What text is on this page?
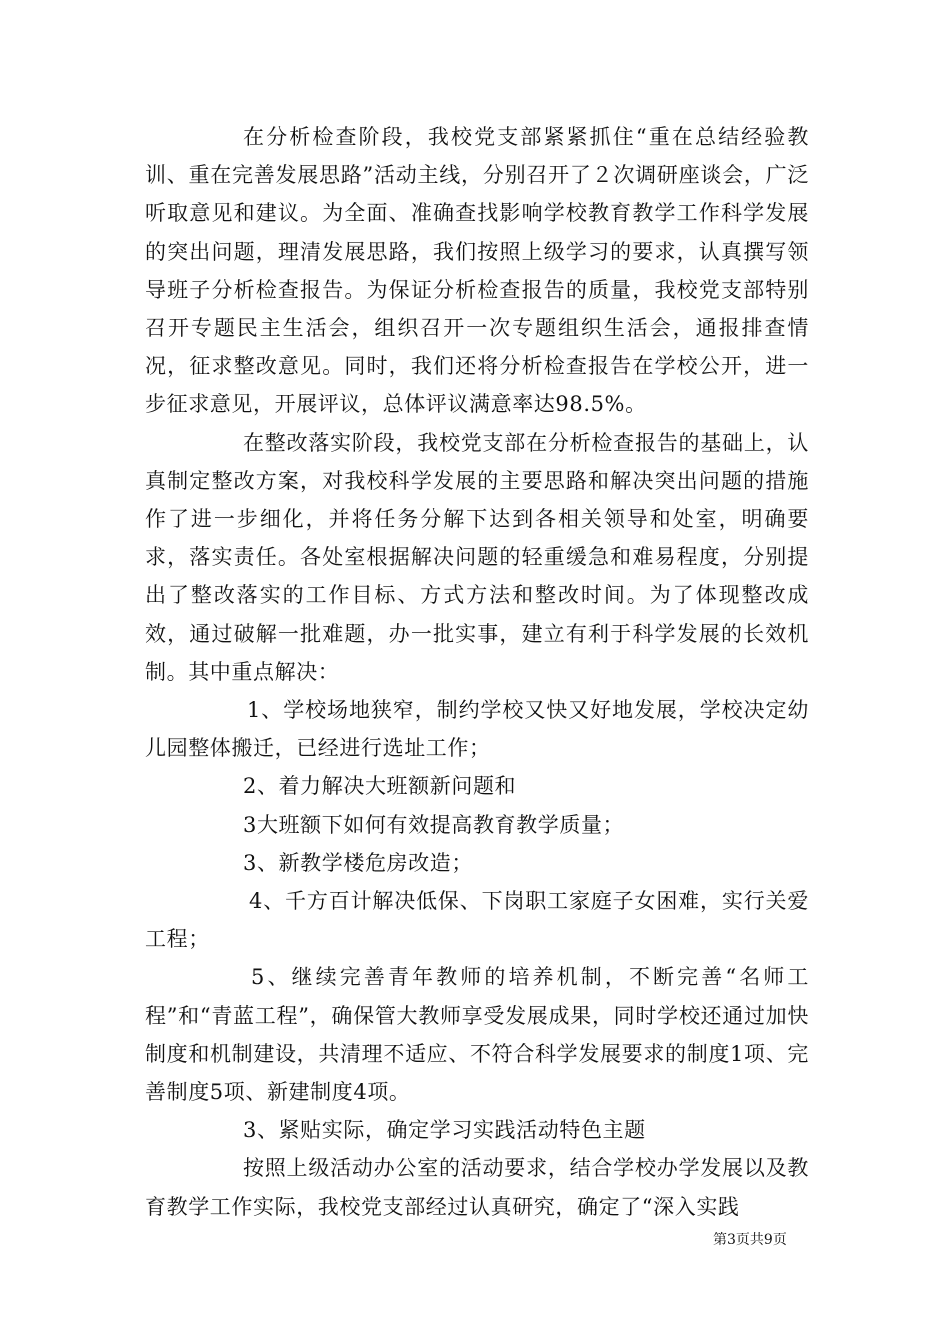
在分析检查阶段，我校党支部紧紧抓住“重在总结经验教训、重在完善发展思路”活动主线，分别召开了２次调研座谈会，广泛听取意见和建议。为全面、准确查找影响学校教育教学工作科学发展的突出问题，理清发展思路，我们按照上级学习的要求，认真撰写领导班子分析检查报告。为保证分析检查报告的质量，我校党支部特别召开专题民主生活会，组织召开一次专题组织生活会，通报排查情况，征求整改意见。同时，我们还将分析检查报告在学校公开，进一步征求意见，开展评议，总体评议满意率达98.5%。

在整改落实阶段，我校党支部在分析检查报告的基础上，认真制定整改方案，对我校科学发展的主要思路和解决突出问题的措施作了进一步细化，并将任务分解下达到各相关领导和处室，明确要求，落实责任。各处室根据解决问题的轻重缓急和难易程度，分别提出了整改落实的工作目标、方式方法和整改时间。为了体现整改成效，通过破解一批难题，办一批实事，建立有利于科学发展的长效机制。其中重点解决：

1、学校场地狭窄，制约学校又快又好地发展，学校决定幼儿园整体搬迁，已经进行选址工作；

2、着力解决大班额新问题和

3大班额下如何有效提高教育教学质量；

3、新教学楼危房改造；

4、千方百计解决低保、下岗职工家庭子女困难，实行关爱工程；

5、继续完善青年教师的培养机制，不断完善“名师工程”和“青蓝工程”，确保管大教师享受发展成果，同时学校还通过加快制度和机制建设，共清理不适应、不符合科学发展要求的制度1项、完善制度5项、新建制度4项。

3、紧贴实际，确定学习实践活动特色主题

按照上级活动办公室的活动要求，结合学校办学发展以及教育教学工作实际，我校党支部经过认真研究，确定了“深入实践

第3页共9页
